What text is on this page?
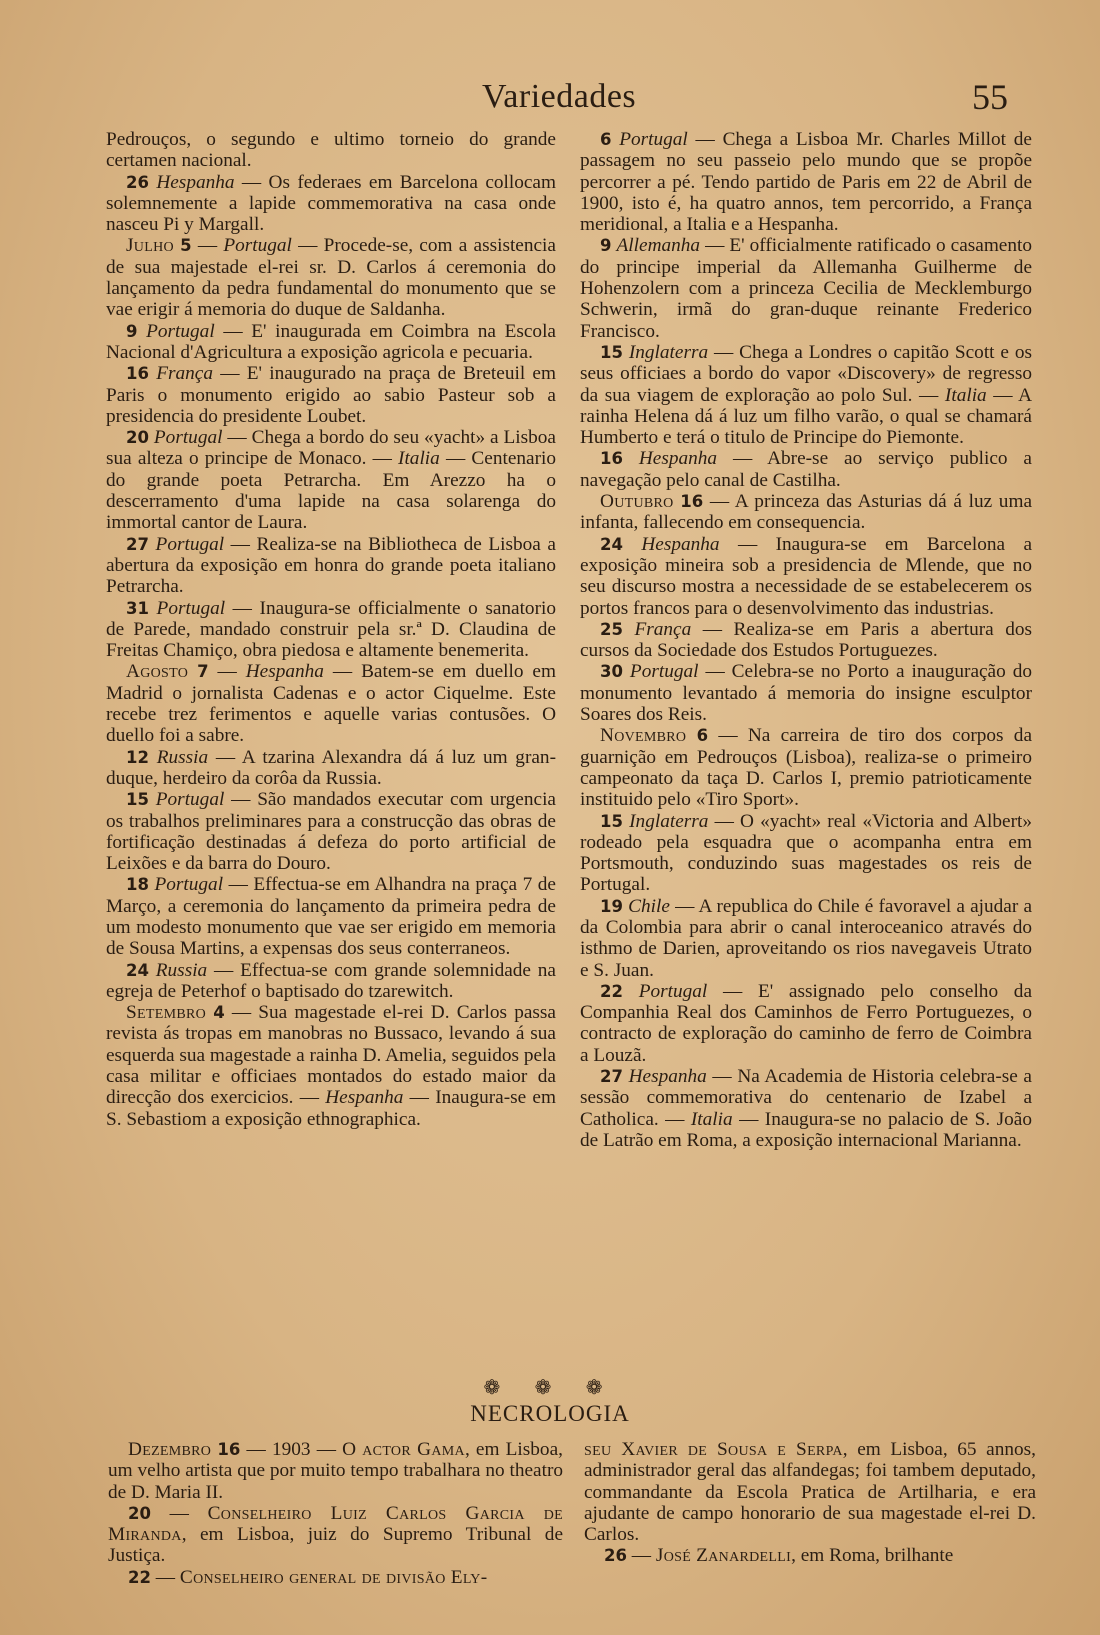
Variedades	55

Pedrouços, o segundo e ultimo torneio do grande certamen nacional.

26 Hespanha — Os federaes em Barcelona collocam solemnemente a lapide commemorativa na casa onde nasceu Pi y Margall.

Julho 5 — Portugal — Procede-se, com a assistencia de sua majestade el-rei sr. D. Carlos á ceremonia do lançamento da pedra fundamental do monumento que se vae erigir á memoria do duque de Saldanha.

9 Portugal — E' inaugurada em Coimbra na Escola Nacional d'Agricultura a exposição agricola e pecuaria.

16 França — E' inaugurado na praça de Breteuil em Paris o monumento erigido ao sabio Pasteur sob a presidencia do presidente Loubet.

20 Portugal — Chega a bordo do seu «yacht» a Lisboa sua alteza o principe de Monaco. — Italia — Centenario do grande poeta Petrarcha. Em Arezzo ha o descerramento d'uma lapide na casa solarenga do immortal cantor de Laura.

27 Portugal — Realiza-se na Bibliotheca de Lisboa a abertura da exposição em honra do grande poeta italiano Petrarcha.

31 Portugal — Inaugura-se officialmente o sanatorio de Parede, mandado construir pela sr.ª D. Claudina de Freitas Chamiço, obra piedosa e altamente benemerita.

Agosto 7 — Hespanha — Batem-se em duello em Madrid o jornalista Cadenas e o actor Ciquelme. Este recebe trez ferimentos e aquelle varias contusões. O duello foi a sabre.

12 Russia — A tzarina Alexandra dá á luz um gran-duque, herdeiro da corôa da Russia.

15 Portugal — São mandados executar com urgencia os trabalhos preliminares para a construcção das obras de fortificação destinadas á defeza do porto artificial de Leixões e da barra do Douro.

18 Portugal — Effectua-se em Alhandra na praça 7 de Março, a ceremonia do lançamento da primeira pedra de um modesto monumento que vae ser erigido em memoria de Sousa Martins, a expensas dos seus conterraneos.

24 Russia — Effectua-se com grande solemnidade na egreja de Peterhof o baptisado do tzarewitch.

Setembro 4 — Sua magestade el-rei D. Carlos passa revista ás tropas em manobras no Bussaco, levando á sua esquerda sua magestade a rainha D. Amelia, seguidos pela casa militar e officiaes montados do estado maior da direcção dos exercicios. — Hespanha — Inaugura-se em S. Sebastiom a exposição ethnographica.

6 Portugal — Chega a Lisboa Mr. Charles Millot de passagem no seu passeio pelo mundo que se propõe percorrer a pé. Tendo partido de Paris em 22 de Abril de 1900, isto é, ha quatro annos, tem percorrido, a França meridional, a Italia e a Hespanha.

9 Allemanha — E' officialmente ratificado o casamento do principe imperial da Allemanha Guilherme de Hohenzolern com a princeza Cecilia de Mecklemburgo Schwerin, irmã do gran-duque reinante Frederico Francisco.

15 Inglaterra — Chega a Londres o capitão Scott e os seus officiaes a bordo do vapor «Discovery» de regresso da sua viagem de exploração ao polo Sul. — Italia — A rainha Helena dá á luz um filho varão, o qual se chamará Humberto e terá o titulo de Principe do Piemonte.

16 Hespanha — Abre-se ao serviço publico a navegação pelo canal de Castilha.

Outubro 16 — A princeza das Asturias dá á luz uma infanta, fallecendo em consequencia.

24 Hespanha — Inaugura-se em Barcelona a exposição mineira sob a presidencia de Mlende, que no seu discurso mostra a necessidade de se estabelecerem os portos francos para o desenvolvimento das industrias.

25 França — Realiza-se em Paris a abertura dos cursos da Sociedade dos Estudos Portuguezes.

30 Portugal — Celebra-se no Porto a inauguração do monumento levantado á memoria do insigne esculptor Soares dos Reis.

Novembro 6 — Na carreira de tiro dos corpos da guarnição em Pedrouços (Lisboa), realiza-se o primeiro campeonato da taça D. Carlos I, premio patrioticamente instituido pelo «Tiro Sport».

15 Inglaterra — O «yacht» real «Victoria and Albert» rodeado pela esquadra que o acompanha entra em Portsmouth, conduzindo suas magestades os reis de Portugal.

19 Chile — A republica do Chile é favoravel a ajudar a da Colombia para abrir o canal interoceanico através do isthmo de Darien, aproveitando os rios navegaveis Utrato e S. Juan.

22 Portugal — E' assignado pelo conselho da Companhia Real dos Caminhos de Ferro Portuguezes, o contracto de exploração do caminho de ferro de Coimbra a Louzã.

27 Hespanha — Na Academia de Historia celebra-se a sessão commemorativa do centenario de Izabel a Catholica. — Italia — Inaugura-se no palacio de S. João de Latrão em Roma, a exposição internacional Marianna.

❁ ❁ ❁
NECROLOGIA

Dezembro 16 — 1903 — O actor Gama, em Lisboa, um velho artista que por muito tempo trabalhara no theatro de D. Maria II.

20 — Conselheiro Luiz Carlos Garcia de Miranda, em Lisboa, juiz do Supremo Tribunal de Justiça.

22 — Conselheiro general de divisão Ely-

seu Xavier de Sousa e Serpa, em Lisboa, 65 annos, administrador geral das alfandegas; foi tambem deputado, commandante da Escola Pratica de Artilharia, e era ajudante de campo honorario de sua magestade el-rei D. Carlos.

26 — José Zanardelli, em Roma, brilhante
